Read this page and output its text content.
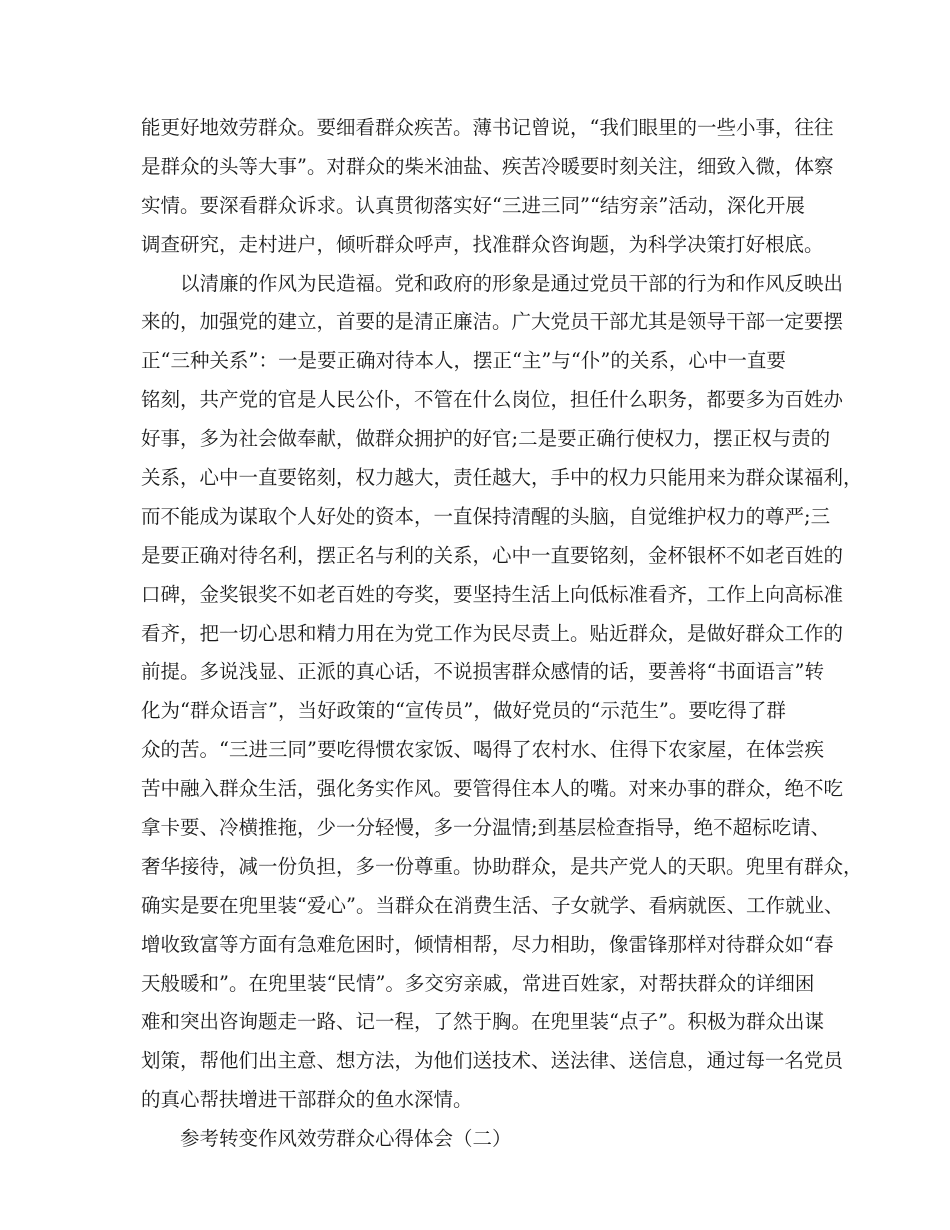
能更好地效劳群众。要细看群众疾苦。薄书记曾说，“我们眼里的一些小事，往往
是群众的头等大事”。对群众的柴米油盐、疾苦冷暖要时刻关注，细致入微，体察
实情。要深看群众诉求。认真贯彻落实好“三进三同”“结穷亲”活动，深化开展
调查研究，走村进户，倾听群众呼声，找准群众咨询题，为科学决策打好根底。
以清廉的作风为民造福。党和政府的形象是通过党员干部的行为和作风反映出
来的，加强党的建立，首要的是清正廉洁。广大党员干部尤其是领导干部一定要摆
正“三种关系”：一是要正确对待本人，摆正“主”与“仆”的关系，心中一直要
铭刻，共产党的官是人民公仆，不管在什么岗位，担任什么职务，都要多为百姓办
好事，多为社会做奉献，做群众拥护的好官;二是要正确行使权力，摆正权与责的
关系，心中一直要铭刻，权力越大，责任越大，手中的权力只能用来为群众谋福利，
而不能成为谋取个人好处的资本，一直保持清醒的头脑，自觉维护权力的尊严;三
是要正确对待名利，摆正名与利的关系，心中一直要铭刻，金杯银杯不如老百姓的
口碑，金奖银奖不如老百姓的夸奖，要坚持生活上向低标准看齐，工作上向高标准
看齐，把一切心思和精力用在为党工作为民尽责上。贴近群众，是做好群众工作的
前提。多说浅显、正派的真心话，不说损害群众感情的话，要善将“书面语言”转
化为“群众语言”，当好政策的“宣传员”，做好党员的“示范生”。要吃得了群
众的苦。“三进三同”要吃得惯农家饭、喝得了农村水、住得下农家屋，在体尝疾
苦中融入群众生活，强化务实作风。要管得住本人的嘴。对来办事的群众，绝不吃
拿卡要、冷横推拖，少一分轻慢，多一分温情;到基层检查指导，绝不超标吃请、
奢华接待，减一份负担，多一份尊重。协助群众，是共产党人的天职。兜里有群众，
确实是要在兜里装“爱心”。当群众在消费生活、子女就学、看病就医、工作就业、
增收致富等方面有急难危困时，倾情相帮，尽力相助，像雷锋那样对待群众如“春
天般暖和”。在兜里装“民情”。多交穷亲戚，常进百姓家，对帮扶群众的详细困
难和突出咨询题走一路、记一程，了然于胸。在兜里装“点子”。积极为群众出谋
划策，帮他们出主意、想方法，为他们送技术、送法律、送信息，通过每一名党员
的真心帮扶增进干部群众的鱼水深情。
参考转变作风效劳群众心得体会（二）
